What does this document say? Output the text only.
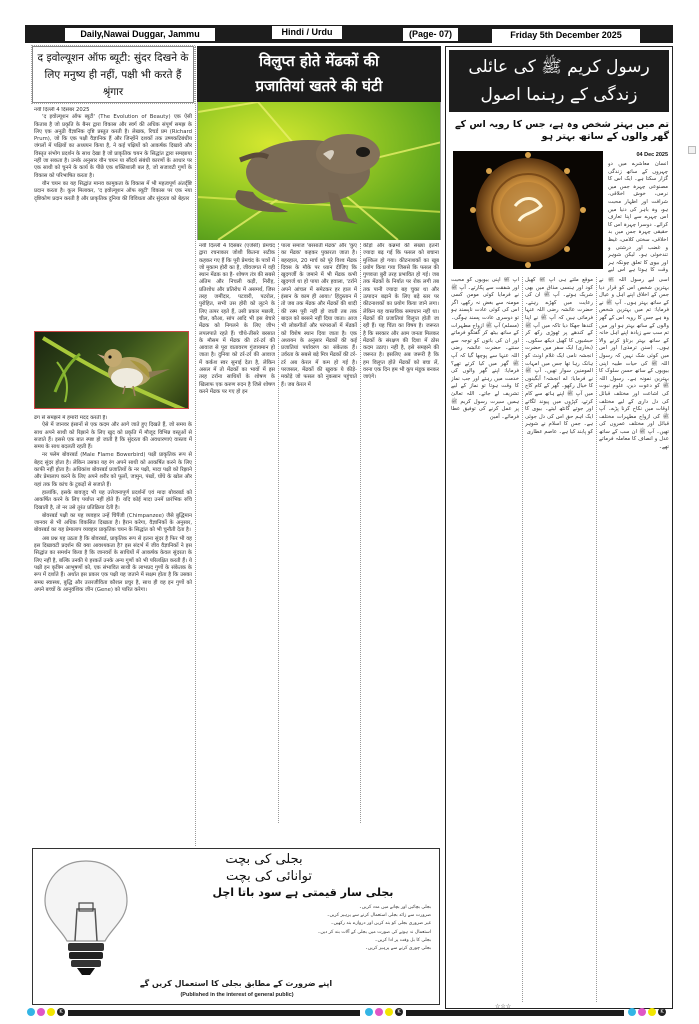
Daily,Nawai Duggar, Jammu	Hindi / Urdu	(Page- 07)	Friday 5th December 2025
द इवोल्यूशन ऑफ ब्यूटी: सुंदर दिखने के लिए मनुष्य ही नहीं, पक्षी भी करते हैं श्रृंगार
नयी दिल्ली 4 दिसंबर 2025
'द इवोल्यूशन ऑफ ब्यूटी' (The Evolution of Beauty) एक ऐसी किताब है जो प्रकृति के बैनर द्वारा विकास और स्वर्ग की अधिक संपूर्ण समझ के लिए एक अनूठी वैज्ञानिक दृष्टि प्रस्तुत करती है। लेखक, रिचर्ड प्रम (Richard Prum), जो कि एक पक्षी वैज्ञानिक हैं और जिन्होंने दशकों तक उष्णकटिबंधीय जंगलों में पक्षियों का अध्ययन किया है, ने कई पक्षियों को आकर्षक दिखावे और विस्तृत संभोग प्रदर्शन के साथ देखा है जो प्राकृतिक चयन के सिद्धांत द्वारा समझाया नहीं जा सकता है। उनके अनुसार यौन चयन या सौंदर्य संबंधी कारणों के आधार पर एक साथी को चुनने के कार्य के पीछे एक शक्तिशाली बल है, जो सजावटी गुणों के विकास को परिभाषित करता है।
यौन चयन का यह सिद्धांत मानव कामुकता के विकास में भी महत्वपूर्ण अंतर्दृष्टि प्रदान करता है। कुल मिलाकर, 'द इवोल्यूशन ऑफ ब्यूटी' विकास पर एक नया दृष्टिकोण प्रदान करती है और प्राकृतिक दुनिया की विविधता और सुंदरता को बेहतर
ढंग से समझने में हमारी मदद करती है।
ऐसे में जानवर इंसानों से एक कदम और आगे जाते हुए दिखते हैं, जो समय के साथ अपने साथी को रिझाने के लिए खुद को प्रकृति में मौजूद विभिन्न वस्तुओं से सजाते हैं। इससे एक बात स्पष्ट हो जाती है कि सुंदरता की अवधारणाएं वास्तव में समय के साथ बदलती रहती हैं।
नर फ्लेम बोवरबर्ड (Male Flame Bowerbird) पक्षी प्राकृतिक रूप से बेहद सुंदर होता है। लेकिन उसका यह रंग अपने साथी को आकर्षित करने के लिए काफी नहीं होता है। अधिकांश बोवरबर्ड प्रजातियों के नर पक्षी, मादा पक्षी को रिझाने और प्रेमालाप करने के लिए अपने शरीर को फूलों, जामुन, पंखों, घोंघे के खोल और यहां तक कि कांच के टुकड़ों से सजाते हैं।
हालांकि, इसके बावजूद भी यह उत्तेजनापूर्ण प्रदर्शनों एवं मादा बोवरबर्ड को आकर्षित करने के लिए पर्याप्त नहीं होते हैं। यदि कोई मादा उनमें प्रारंभिक रुचि दिखाती है, तो नर उसे तुरंत प्रतिक्रिया देती है।
बोवरबर्ड पक्षी का यह व्यवहार उन्हें चिंपैंजी (Chimpanzee) जैसे बुद्धिमान जानवर से भी अधिक विकसित दिखाता है। हैरान करेगा, वैज्ञानिकों के अनुसार, बोवरबर्ड का यह प्रेमालाप व्यवहार प्राकृतिक चयन के सिद्धांत को भी चुनौती देता है।
अब प्रश्न यह उठता है कि बोवरबर्ड, प्राकृतिक रूप से इतना सुंदर है फिर भी वह इस दिखावटी प्रदर्शन की क्या आवश्यकता है? इस संदर्भ में जीव वैज्ञानिकों ने इस सिद्धांत का समर्थन किया है कि जानवरों के साथियों में आकर्षक केवल सुंदरता के लिए नहीं है, बल्कि उनकी ये हरकतें उनके अन्य गुणों को भी परिलक्षित करती हैं। ये पक्षी इन कृत्रिम आभूषणों को, एक संभावित साथी के लाभप्रद गुणों के संकेतक के रूप में दर्शाते हैं। अर्थात इस प्रकार एक पक्षी यह जताने में सक्षम होता है कि उसका समग्र स्वास्थ्य, बुद्धि और उत्तरजीविता कौशल प्रचुर है, साथ ही वह इन गुणों को अपने बच्चों के आनुवंशिक जीन (Gene) को पारित करेगा।
विलुप्त होते मेंढकों की
प्रजातियां खतरे की घंटी
नयी दिल्ली 4 दिसंबर (एजेंसी) प्रेमचंद द्वारा रचनाकार जोशी कितना सटीक कहकर गए हैं कि पूरी प्रेमचंद के पात्रों में जो मुकाम होरी का है, जीवजगत में वही स्थान मेंढक का है- शोषण तंत्र की सबसे अंतिम और निचली कड़ी, निरीह, प्रतिशोध और प्रतिरोध में असमर्थ, जिस तरह जमींदार, पटवारी, पटरोल, पुरोहित, सभी उस होरी को लूटने के लिए तत्पर रहते हैं, उसी प्रकार मछली, चील, कौआ, सांप आदि भी इस बेचारे मेंढक को निगलने के लिए जीभ लपलपाते रहते हैं। चौथे-तीसरे बरसात के मौसम में मेंढक की टर्र-टर्र की आवाज से पूरा वातावरण गुंजायमान हो जाता है। दुनिया को टर्र-टर्र की आवाज में कर्कश स्वर सुनाई देता है, लेकिन असल में तो मेंढकों का भावों में इस तरह टर्राना साथियों के शोषण के खिलाफ एक करुण रुदन है जिसे शोषण करने मेंढक पर गए हो इन
पाला समाज 'बरसाती मेंढक' और 'कुएं का मेंढक' कहकर पुकारता जाता है। बहरहाल, 20 मार्च को पूरे विश्व मेंढक दिवस के मौके पर ध्यान दीजिए कि खुदगर्जी के जमाने में भी मेंढक कभी खुदगर्ज था हो पाया और हवाला, 'टर्राने अपने आंचल में समेटकर हर हाल में इंसान के काम ही आया।' हिंदुस्तान में तो जब तक मेंढक और मेंढकों की शादी की रस्म पूरी नहीं हो जाती तब तक बादल को बरसने नहीं दिया जाता। आज भी लोकगीतों और परंपराओं में मेंढकों को विशेष स्थान दिया जाता है। एक अध्ययन के अनुसार मेंढकों की कई प्रजातियां पर्यावरण का संकेतक हैं। उर्वरता के सबसे बड़े मित्र मेंढकों की टर्र-टर्र अब केरल में कम हो गई है। परजसल, मेंढकों की खुराक ये कीड़े-मकोड़े जो फसल को नुकसान पहुंचाते हैं। जब केरल में
कीड़ों और कन्नमों की संख्या इतनी ज्यादा बढ़ गई कि फसल को बचाना मुश्किल हो गया। कीटनाशकों का खूब प्रयोग किया गया जिससे कि फसल की गुणवत्ता बुरी तरह प्रभावित हो गई। जब तक मेंढकों के निर्यात पर रोक लगी तब तक पानी ज्यादा बह चुका था और उत्पादन बढ़ाने के लिए बड़े स्तर पर कीटनाशकों का प्रयोग किया जाने लगा। लेकिन यह वास्तविक समाधान नहीं था। मेंढकों की प्रजातियां विलुप्त होती जा रही हैं। यह चिंता का विषय है। जरूरत है कि सरकार और आम जनता मिलकर मेंढकों के संरक्षण की दिशा में ठोस कदम उठाए। नहीं है, इसे समझने की जरूरत है। इसलिए अब जरूरी है कि हम विलुप्त होते मेंढकों को बचा लें, वरना एक दिन हम भी कूप मंडूक बनकर जाएंगे।
رسول کریم ﷺ کی عائلی
زندگی کے رہنما اصول
تم میں بہتر شخص وہ ہے، جس کا رویہ اس کے گھر والوں کے ساتھ بہتر ہو
04 Dec 2025
انسان معاشرے میں دو چہروں کے ساتھ زندگی گزار سکتا ہے۔ ایک اس کا مصنوعی چہرہ جس میں نرمی، خوش اخلاقی، شرافت اور اظہار محبت ہو، وہ باہر کی دنیا میں اس چہرے سے اپنا تعارف کرائے۔ دوسرا چہرہ اس کا حقیقی چہرہ جس میں بد اخلاقی، سختی کلامی، غیظ و غضب اور درشتی و تندخوئی ہو۔ لیکن شوہر اور بیوی کا تعلق چونکہ ہر وقت کا ہوتا ہے اس لیے
اسی لیے رسول اللہ ﷺ نے بہترین شخص اس کو قرار دیا جس کے اخلاق اپنے اہل و عیال کے ساتھ بہتر ہوں۔ آپ ﷺ نے فرمایا: تم میں بہترین شخص وہ ہے جس کا رویہ اس کے گھر والوں کے ساتھ بہتر ہو اور میں تم سب سے زیادہ اپنے اہل خانہ کے ساتھ بہتر برتاؤ کرنے والا ہوں۔ (سنن ترمذی) اور اس میں کوئی شک نہیں کہ رسول اللہ ﷺ کی حیات طیبہ اپنی بیویوں کے ساتھ حسن سلوک کا بہترین نمونہ ہے۔ رسول اللہ ﷺ کو دعوت دین، علوم نبوت کی اشاعت اور مختلف قبائل کی دل داری کے لیے مختلف اوقات میں نکاح کرنا پڑے۔ آپ ﷺ کی ازواج مطہرات مختلف قبائل اور مختلف عمروں کی تھیں۔ آپ ﷺ ان سب کے ساتھ عدل و انصاف کا معاملہ فرماتے تھے۔
موقع ملتے ہی آپ ﷺ کھیل کود اور ہنسی مذاق میں بھی شریک ہوتے۔ آپ ﷺ ان کی رعایت میں کھڑے رہتے۔ حضرت عائشہ رضی اللہ عنہا فرماتی ہیں کہ آپ ﷺ نے اپنا کندھا جھکا دیا تاکہ میں آپ ﷺ کے کندھے پر ٹھوڑی رکھ کر حبشیوں کا کھیل دیکھ سکوں۔ (بخاری) ایک سفر میں حضرت انجشہ نامی ایک غلام اونٹ کو ہانک رہا تھا جس میں امہات المومنین سوار تھیں۔ آپ ﷺ نے فرمایا: اے انجشہ! آبگینوں کا خیال رکھو۔ گھر کے کام کاج میں آپ ﷺ اپنے ہاتھ سے کام کرتے، کپڑوں میں پیوند لگاتے اور جوتے گانٹھ لیتے۔ بیوی کا ایک اہم حق اس کی دل جوئی ہے۔ جس کا اسلام نے شوہر کو پابند کیا ہے۔ عاصم عطاری
آپ ﷺ اپنی بیویوں کو محبت اور شفقت سے پکارتے۔ آپ ﷺ نے فرمایا کوئی مومن کسی مومنہ سے بغض نہ رکھے، اگر اس کی کوئی عادت ناپسند ہو تو دوسری عادت پسند ہوگی۔ (مسلم) آپ ﷺ ازواج مطہرات کے ساتھ بیٹھ کر گفتگو فرماتے اور ان کی باتوں کو توجہ سے سنتے۔ حضرت عائشہ رضی اللہ عنہا سے پوچھا گیا کہ آپ ﷺ گھر میں کیا کرتے تھے؟ فرمایا: اپنے گھر والوں کی خدمت میں رہتے اور جب نماز کا وقت ہوتا تو نماز کے لیے تشریف لے جاتے۔ اللہ تعالیٰ ہمیں سیرت رسول کریم ﷺ پر عمل کرنے کی توفیق عطا فرمائے۔ آمین
☆☆☆
بجلی کی بچت
توانائی کی بچت
بجلی سار قیمتی ہے سود باتا اچل
بجلی بچائیں اور بچانے میں مدد کریں۔
ضرورت سے زائد بجلی استعمال کرنے سے پرہیز کریں۔
غیر ضروری بجلی کو بند کریں اور دروازے بند رکھیں۔
استعمال نہ ہونے کی صورت میں بجلی کے آلات بند کر دیں۔
بجلی کا بل وقت پر ادا کریں۔
بجلی چوری کرنے سے پرہیز کریں۔
اپنے ضرورت کے مطابق بجلی کا استعمال کریں گے
(Published in the interest of general public)
K	K	K
